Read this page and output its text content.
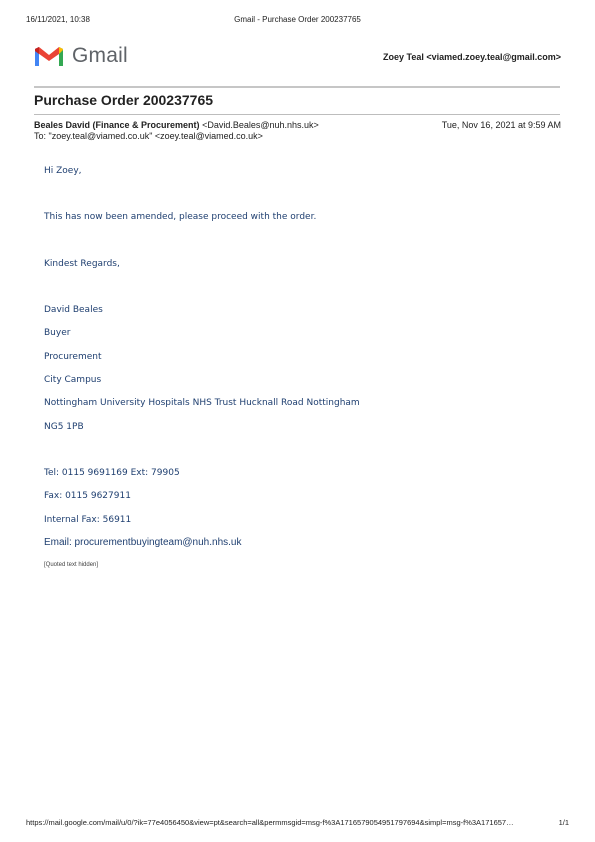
16/11/2021, 10:38	Gmail - Purchase Order 200237765
Gmail	Zoey Teal <viamed.zoey.teal@gmail.com>
Purchase Order 200237765
Beales David (Finance & Procurement) <David.Beales@nuh.nhs.uk>	Tue, Nov 16, 2021 at 9:59 AM
To: "zoey.teal@viamed.co.uk" <zoey.teal@viamed.co.uk>
Hi Zoey,
This has now been amended, please proceed with the order.
Kindest Regards,
David Beales
Buyer
Procurement
City Campus
Nottingham University Hospitals NHS Trust Hucknall Road Nottingham
NG5 1PB
Tel: 0115 9691169 Ext: 79905
Fax: 0115 9627911
Internal Fax: 56911
Email: procurementbuyingteam@nuh.nhs.uk
[Quoted text hidden]
https://mail.google.com/mail/u/0/?ik=77e4056450&view=pt&search=all&permmsgid=msg-f%3A1716579054951797694&simpl=msg-f%3A171657…	1/1
